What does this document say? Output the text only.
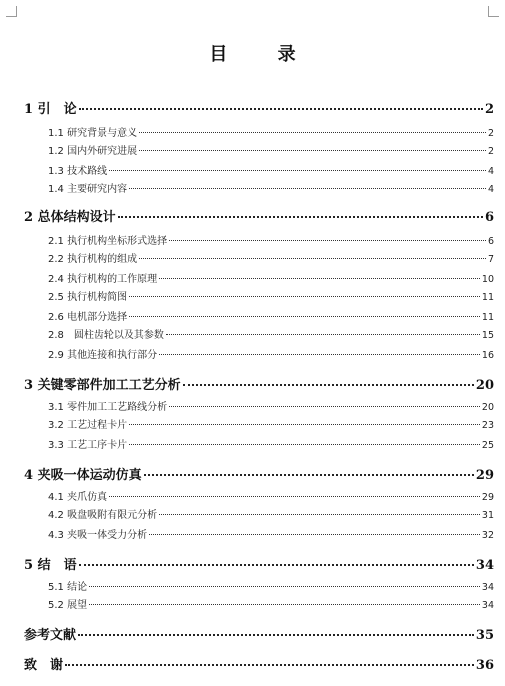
目 录
1 引　论	2
1.1 研究背景与意义	2
1.2 国内外研究进展	2
1.3 技术路线	4
1.4 主要研究内容	4
2 总体结构设计	6
2.1 执行机构坐标形式选择	6
2.2 执行机构的组成	7
2.4 执行机构的工作原理	10
2.5 执行机构简图	11
2.6 电机部分选择	11
2.8　圆柱齿轮以及其参数	15
2.9 其他连接和执行部分	16
3 关键零部件加工工艺分析	20
3.1 零件加工工艺路线分析	20
3.2 工艺过程卡片	23
3.3 工艺工序卡片	25
4 夹吸一体运动仿真	29
4.1 夹爪仿真	29
4.2 吸盘吸附有限元分析	31
4.3 夹吸一体受力分析	32
5 结　语	34
5.1 结论	34
5.2 展望	34
参考文献	35
致　谢	36
